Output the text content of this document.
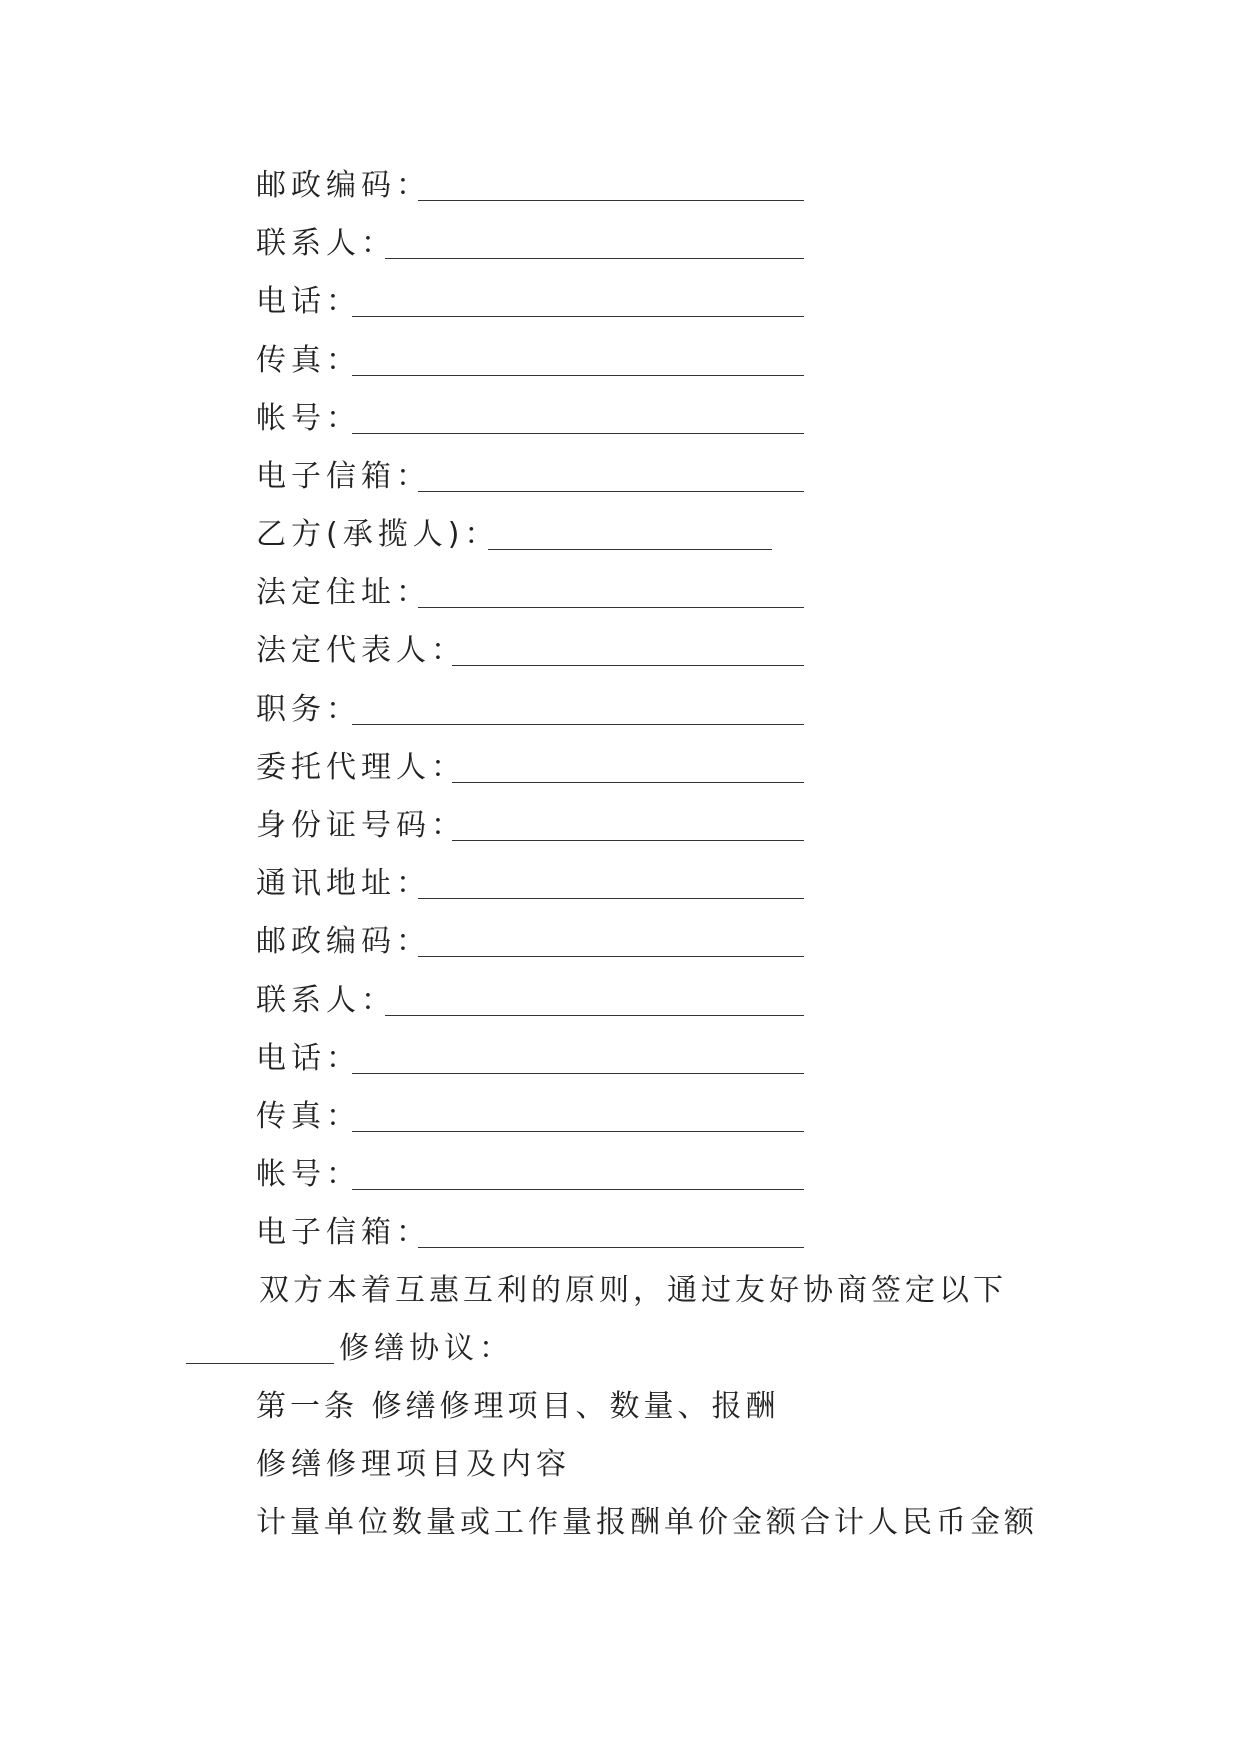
邮政编码：
联系人：
电话：
传真：
帐号：
电子信箱：
乙方(承揽人)：
法定住址：
法定代表人：
职务：
委托代理人：
身份证号码：
通讯地址：
邮政编码：
联系人：
电话：
传真：
帐号：
电子信箱：
双方本着互惠互利的原则，通过友好协商签定以下
修缮协议：
第一条 修缮修理项目、数量、报酬
修缮修理项目及内容
计量单位数量或工作量报酬单价金额合计人民币金额
